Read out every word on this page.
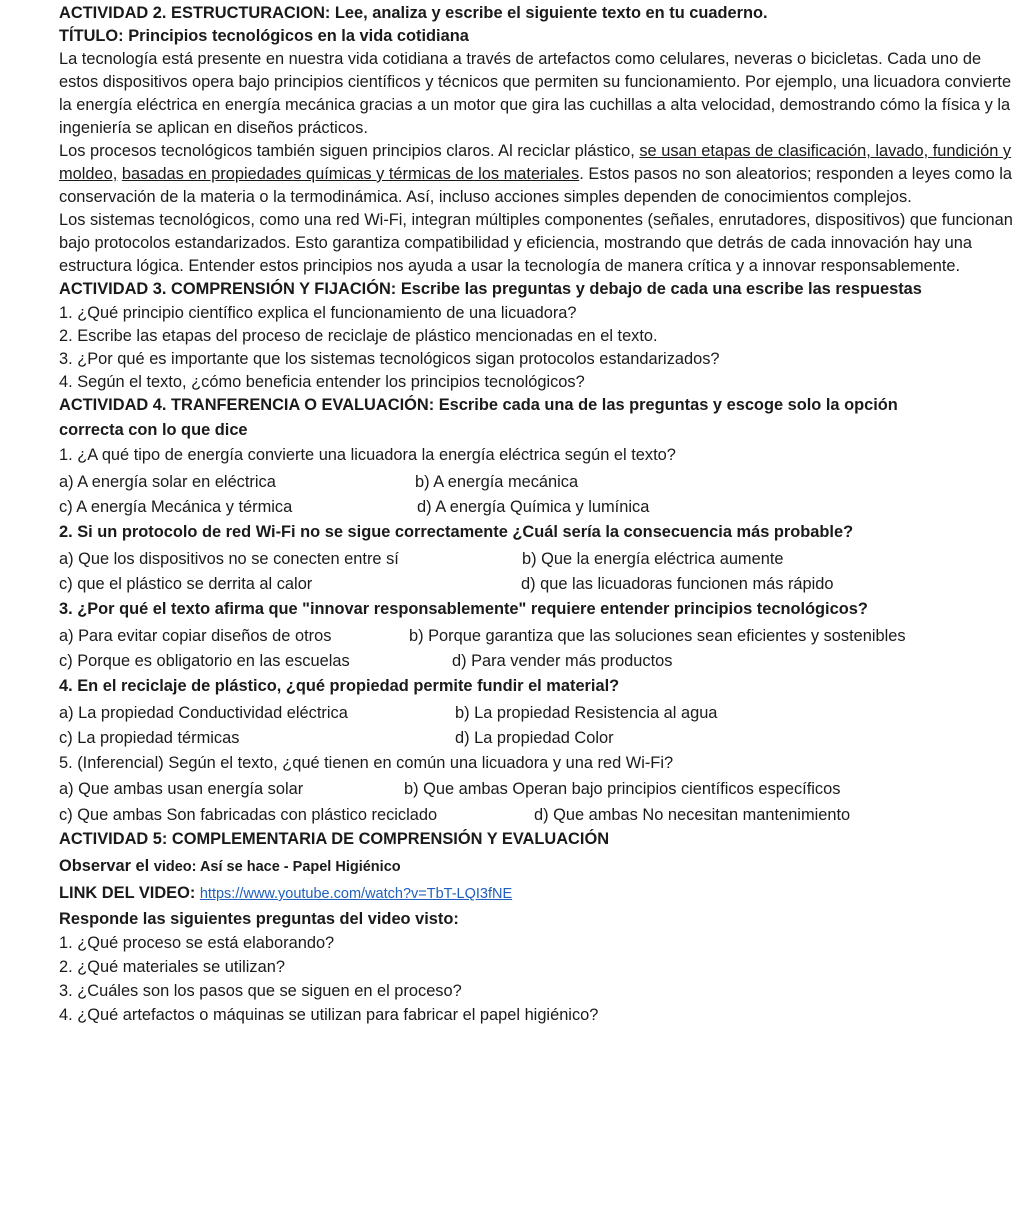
ACTIVIDAD 2. ESTRUCTURACION: Lee, analiza y escribe el siguiente texto en tu cuaderno.
TÍTULO: Principios tecnológicos en la vida cotidiana
La tecnología está presente en nuestra vida cotidiana a través de artefactos como celulares, neveras o bicicletas. Cada uno de estos dispositivos opera bajo principios científicos y técnicos que permiten su funcionamiento. Por ejemplo, una licuadora convierte la energía eléctrica en energía mecánica gracias a un motor que gira las cuchillas a alta velocidad, demostrando cómo la física y la ingeniería se aplican en diseños prácticos.
Los procesos tecnológicos también siguen principios claros. Al reciclar plástico, se usan etapas de clasificación, lavado, fundición y moldeo, basadas en propiedades químicas y térmicas de los materiales. Estos pasos no son aleatorios; responden a leyes como la conservación de la materia o la termodinámica. Así, incluso acciones simples dependen de conocimientos complejos.
Los sistemas tecnológicos, como una red Wi-Fi, integran múltiples componentes (señales, enrutadores, dispositivos) que funcionan bajo protocolos estandarizados. Esto garantiza compatibilidad y eficiencia, mostrando que detrás de cada innovación hay una estructura lógica. Entender estos principios nos ayuda a usar la tecnología de manera crítica y a innovar responsablemente.
ACTIVIDAD 3. COMPRENSIÓN Y FIJACIÓN: Escribe las preguntas y debajo de cada una escribe las respuestas
1. ¿Qué principio científico explica el funcionamiento de una licuadora?
2. Escribe las etapas del proceso de reciclaje de plástico mencionadas en el texto.
3. ¿Por qué es importante que los sistemas tecnológicos sigan protocolos estandarizados?
4. Según el texto, ¿cómo beneficia entender los principios tecnológicos?
ACTIVIDAD 4. TRANFERENCIA O EVALUACIÓN: Escribe cada una de las preguntas y escoge solo la opción
correcta con lo que dice
1. ¿A qué tipo de energía convierte una licuadora la energía eléctrica según el texto?
a) A energía solar en eléctrica	b) A energía mecánica
c) A energía Mecánica y térmica	d) A energía Química y lumínica
2. Si un protocolo de red Wi-Fi no se sigue correctamente ¿Cuál sería la consecuencia más probable?
a) Que los dispositivos no se conecten entre sí	b) Que la energía eléctrica aumente
c) que el plástico se derrita al calor	d) que las licuadoras funcionen más rápido
3. ¿Por qué el texto afirma que "innovar responsablemente" requiere entender principios tecnológicos?
a) Para evitar copiar diseños de otros	b) Porque garantiza que las soluciones sean eficientes y sostenibles
c) Porque es obligatorio en las escuelas	d) Para vender más productos
4. En el reciclaje de plástico, ¿qué propiedad permite fundir el material?
a) La propiedad Conductividad eléctrica	b) La propiedad Resistencia al agua
c) La propiedad térmicas	d) La propiedad Color
5. (Inferencial) Según el texto, ¿qué tienen en común una licuadora y una red Wi-Fi?
a) Que ambas usan energía solar	b) Que ambas Operan bajo principios científicos específicos
c) Que ambas Son fabricadas con plástico reciclado	d) Que ambas No necesitan mantenimiento
ACTIVIDAD 5: COMPLEMENTARIA DE COMPRENSIÓN Y EVALUACIÓN
Observar el video: Así se hace - Papel Higiénico
LINK DEL VIDEO: https://www.youtube.com/watch?v=TbT-LQI3fNE
Responde las siguientes preguntas del video visto:
1. ¿Qué proceso se está elaborando?
2. ¿Qué materiales se utilizan?
3. ¿Cuáles son los pasos que se siguen en el proceso?
4. ¿Qué artefactos o máquinas se utilizan para fabricar el papel higiénico?
